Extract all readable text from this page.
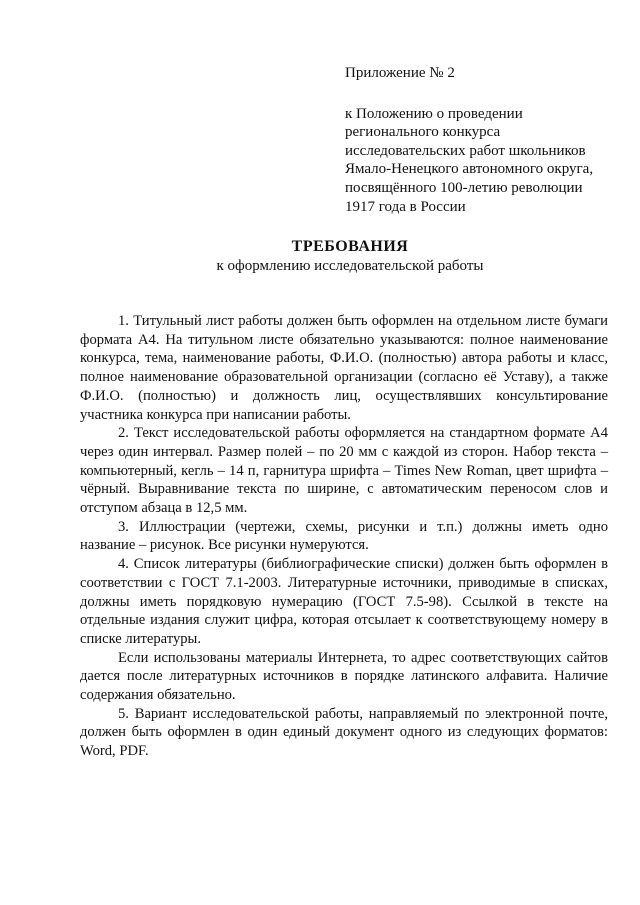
Приложение № 2
к Положению о проведении
регионального конкурса
исследовательских работ школьников
Ямало-Ненецкого автономного округа,
посвящённого 100-летию революции
1917 года в России
ТРЕБОВАНИЯ
к оформлению исследовательской работы

1. Титульный лист работы должен быть оформлен на отдельном листе бумаги формата А4. На титульном листе обязательно указываются: полное наименование конкурса, тема, наименование работы, Ф.И.О. (полностью) автора работы и класс, полное наименование образовательной организации (согласно её Уставу), а также Ф.И.О. (полностью) и должность лиц, осуществлявших консультирование участника конкурса при написании работы.

2. Текст исследовательской работы оформляется на стандартном формате А4 через один интервал. Размер полей – по 20 мм с каждой из сторон. Набор текста – компьютерный, кегль – 14 п, гарнитура шрифта – Times New Roman, цвет шрифта – чёрный. Выравнивание текста по ширине, с автоматическим переносом слов и отступом абзаца в 12,5 мм.

3. Иллюстрации (чертежи, схемы, рисунки и т.п.) должны иметь одно название – рисунок. Все рисунки нумеруются.

4. Список литературы (библиографические списки) должен быть оформлен в соответствии с ГОСТ 7.1-2003. Литературные источники, приводимые в списках, должны иметь порядковую нумерацию (ГОСТ 7.5-98). Ссылкой в тексте на отдельные издания служит цифра, которая отсылает к соответствующему номеру в списке литературы.

Если использованы материалы Интернета, то адрес соответствующих сайтов дается после литературных источников в порядке латинского алфавита. Наличие содержания обязательно.

5. Вариант исследовательской работы, направляемый по электронной почте, должен быть оформлен в один единый документ одного из следующих форматов: Word, PDF.
